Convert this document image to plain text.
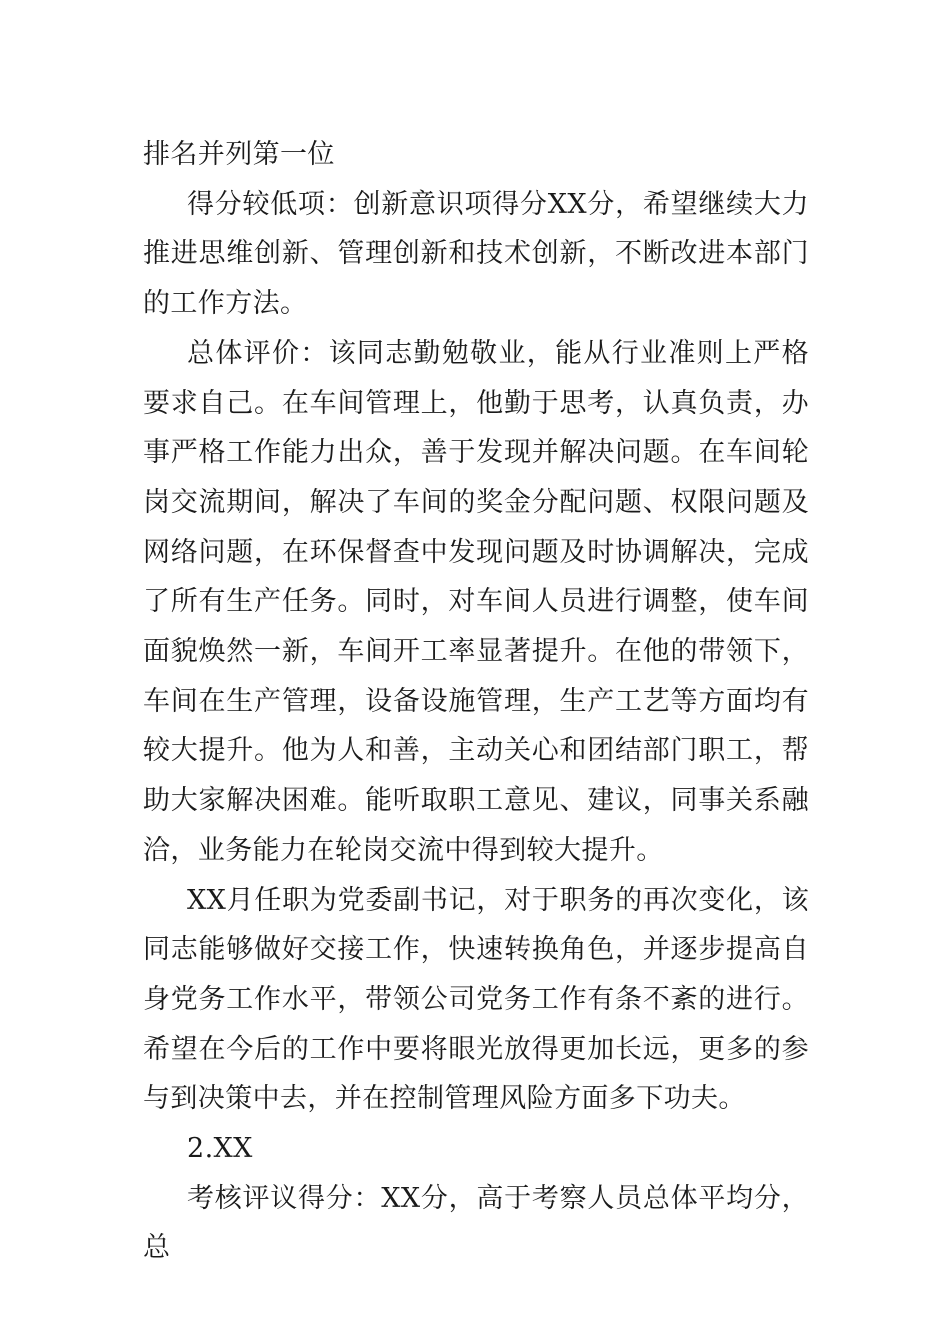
排名并列第一位

得分较低项：创新意识项得分XX分，希望继续大力推进思维创新、管理创新和技术创新，不断改进本部门的工作方法。

总体评价：该同志勤勉敬业，能从行业准则上严格要求自己。在车间管理上，他勤于思考，认真负责，办事严格工作能力出众，善于发现并解决问题。在车间轮岗交流期间，解决了车间的奖金分配问题、权限问题及网络问题，在环保督查中发现问题及时协调解决，完成了所有生产任务。同时，对车间人员进行调整，使车间面貌焕然一新，车间开工率显著提升。在他的带领下，车间在生产管理，设备设施管理，生产工艺等方面均有较大提升。他为人和善，主动关心和团结部门职工，帮助大家解决困难。能听取职工意见、建议，同事关系融洽，业务能力在轮岗交流中得到较大提升。

XX月任职为党委副书记，对于职务的再次变化，该同志能够做好交接工作，快速转换角色，并逐步提高自身党务工作水平，带领公司党务工作有条不紊的进行。希望在今后的工作中要将眼光放得更加长远，更多的参与到决策中去，并在控制管理风险方面多下功夫。

2.XX

考核评议得分：XX分，高于考察人员总体平均分，总
